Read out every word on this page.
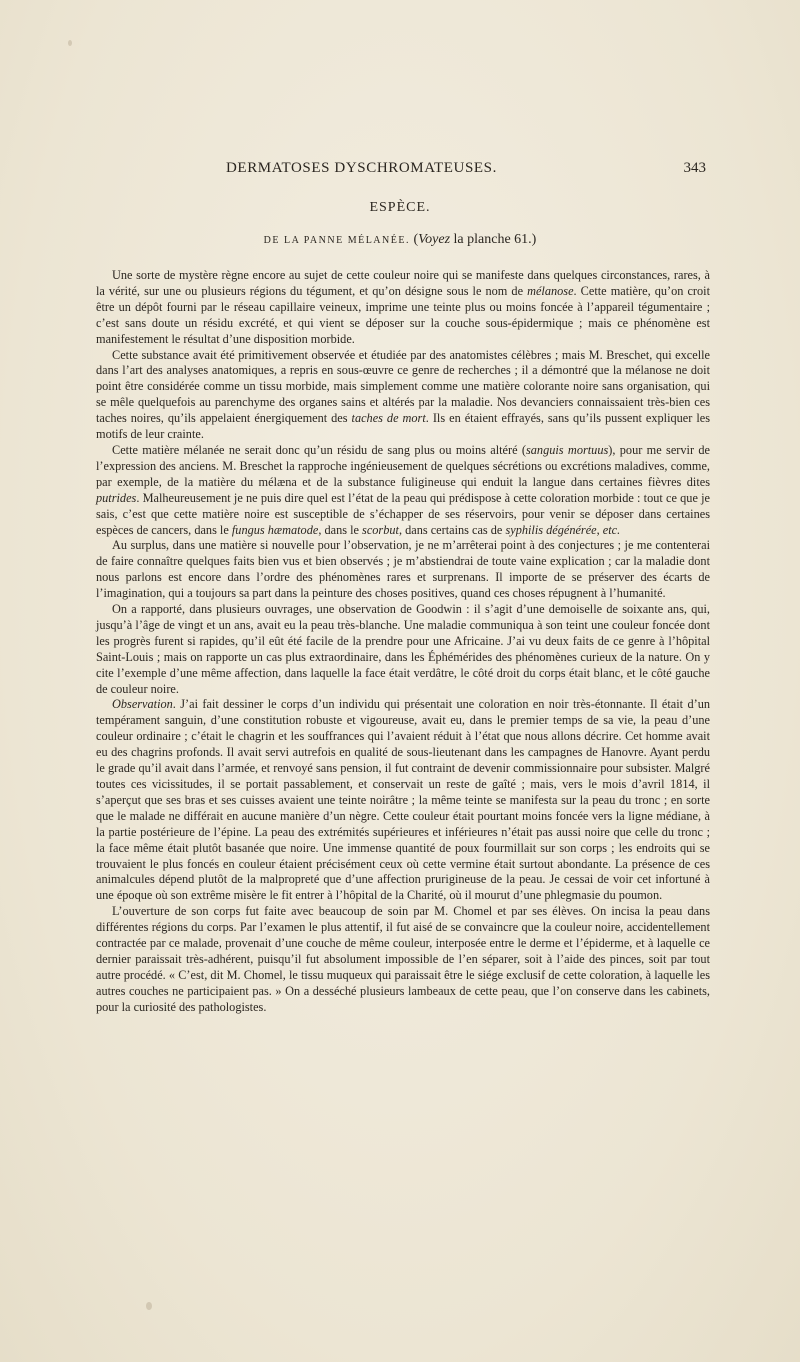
DERMATOSES DYSCHROMATEUSES.	343
ESPÈCE.
DE LA PANNE MÉLANÉE. (Voyez la planche 61.)

Une sorte de mystère règne encore au sujet de cette couleur noire qui se manifeste dans quelques circonstances, rares, à la vérité, sur une ou plusieurs régions du tégument, et qu’on désigne sous le nom de mélanose. Cette matière, qu’on croit être un dépôt fourni par le réseau capillaire veineux, imprime une teinte plus ou moins foncée à l’appareil tégumentaire ; c’est sans doute un résidu excrété, et qui vient se déposer sur la couche sous-épidermique ; mais ce phénomène est manifestement le résultat d’une disposition morbide.

Cette substance avait été primitivement observée et étudiée par des anatomistes célèbres ; mais M. Breschet, qui excelle dans l’art des analyses anatomiques, a repris en sous-œuvre ce genre de recherches ; il a démontré que la mélanose ne doit point être considérée comme un tissu morbide, mais simplement comme une matière colorante noire sans organisation, qui se mêle quelquefois au parenchyme des organes sains et altérés par la maladie. Nos devanciers connaissaient très-bien ces taches noires, qu’ils appelaient énergiquement des taches de mort. Ils en étaient effrayés, sans qu’ils pussent expliquer les motifs de leur crainte.

Cette matière mélanée ne serait donc qu’un résidu de sang plus ou moins altéré (sanguis mortuus), pour me servir de l’expression des anciens. M. Breschet la rapproche ingénieusement de quelques sécrétions ou excrétions maladives, comme, par exemple, de la matière du mélæna et de la substance fuligineuse qui enduit la langue dans certaines fièvres dites putrides. Malheureusement je ne puis dire quel est l’état de la peau qui prédispose à cette coloration morbide : tout ce que je sais, c’est que cette matière noire est susceptible de s’échapper de ses réservoirs, pour venir se déposer dans certaines espèces de cancers, dans le fungus hæmatode, dans le scorbut, dans certains cas de syphilis dégénérée, etc.

Au surplus, dans une matière si nouvelle pour l’observation, je ne m’arrêterai point à des conjectures ; je me contenterai de faire connaître quelques faits bien vus et bien observés ; je m’abstiendrai de toute vaine explication ; car la maladie dont nous parlons est encore dans l’ordre des phénomènes rares et surprenans. Il importe de se préserver des écarts de l’imagination, qui a toujours sa part dans la peinture des choses positives, quand ces choses répugnent à l’humanité.

On a rapporté, dans plusieurs ouvrages, une observation de Goodwin : il s’agit d’une demoiselle de soixante ans, qui, jusqu’à l’âge de vingt et un ans, avait eu la peau très-blanche. Une maladie communiqua à son teint une couleur foncée dont les progrès furent si rapides, qu’il eût été facile de la prendre pour une Africaine. J’ai vu deux faits de ce genre à l’hôpital Saint-Louis ; mais on rapporte un cas plus extraordinaire, dans les Éphémérides des phénomènes curieux de la nature. On y cite l’exemple d’une même affection, dans laquelle la face était verdâtre, le côté droit du corps était blanc, et le côté gauche de couleur noire.

Observation. J’ai fait dessiner le corps d’un individu qui présentait une coloration en noir très-étonnante. Il était d’un tempérament sanguin, d’une constitution robuste et vigoureuse, avait eu, dans le premier temps de sa vie, la peau d’une couleur ordinaire ; c’était le chagrin et les souffrances qui l’avaient réduit à l’état que nous allons décrire. Cet homme avait eu des chagrins profonds. Il avait servi autrefois en qualité de sous-lieutenant dans les campagnes de Hanovre. Ayant perdu le grade qu’il avait dans l’armée, et renvoyé sans pension, il fut contraint de devenir commissionnaire pour subsister. Malgré toutes ces vicissitudes, il se portait passablement, et conservait un reste de gaîté ; mais, vers le mois d’avril 1814, il s’aperçut que ses bras et ses cuisses avaient une teinte noirâtre ; la même teinte se manifesta sur la peau du tronc ; en sorte que le malade ne différait en aucune manière d’un nègre. Cette couleur était pourtant moins foncée vers la ligne médiane, à la partie postérieure de l’épine. La peau des extrémités supérieures et inférieures n’était pas aussi noire que celle du tronc ; la face même était plutôt basanée que noire. Une immense quantité de poux fourmillait sur son corps ; les endroits qui se trouvaient le plus foncés en couleur étaient précisément ceux où cette vermine était surtout abondante. La présence de ces animalcules dépend plutôt de la malpropreté que d’une affection prurigineuse de la peau. Je cessai de voir cet infortuné à une époque où son extrême misère le fit entrer à l’hôpital de la Charité, où il mourut d’une phlegmasie du poumon.

L’ouverture de son corps fut faite avec beaucoup de soin par M. Chomel et par ses élèves. On incisa la peau dans différentes régions du corps. Par l’examen le plus attentif, il fut aisé de se convaincre que la couleur noire, accidentellement contractée par ce malade, provenait d’une couche de même couleur, interposée entre le derme et l’épiderme, et à laquelle ce dernier paraissait très-adhérent, puisqu’il fut absolument impossible de l’en séparer, soit à l’aide des pinces, soit par tout autre procédé. « C’est, dit M. Chomel, le tissu muqueux qui paraissait être le siége exclusif de cette coloration, à laquelle les autres couches ne participaient pas. » On a desséché plusieurs lambeaux de cette peau, que l’on conserve dans les cabinets, pour la curiosité des pathologistes.
